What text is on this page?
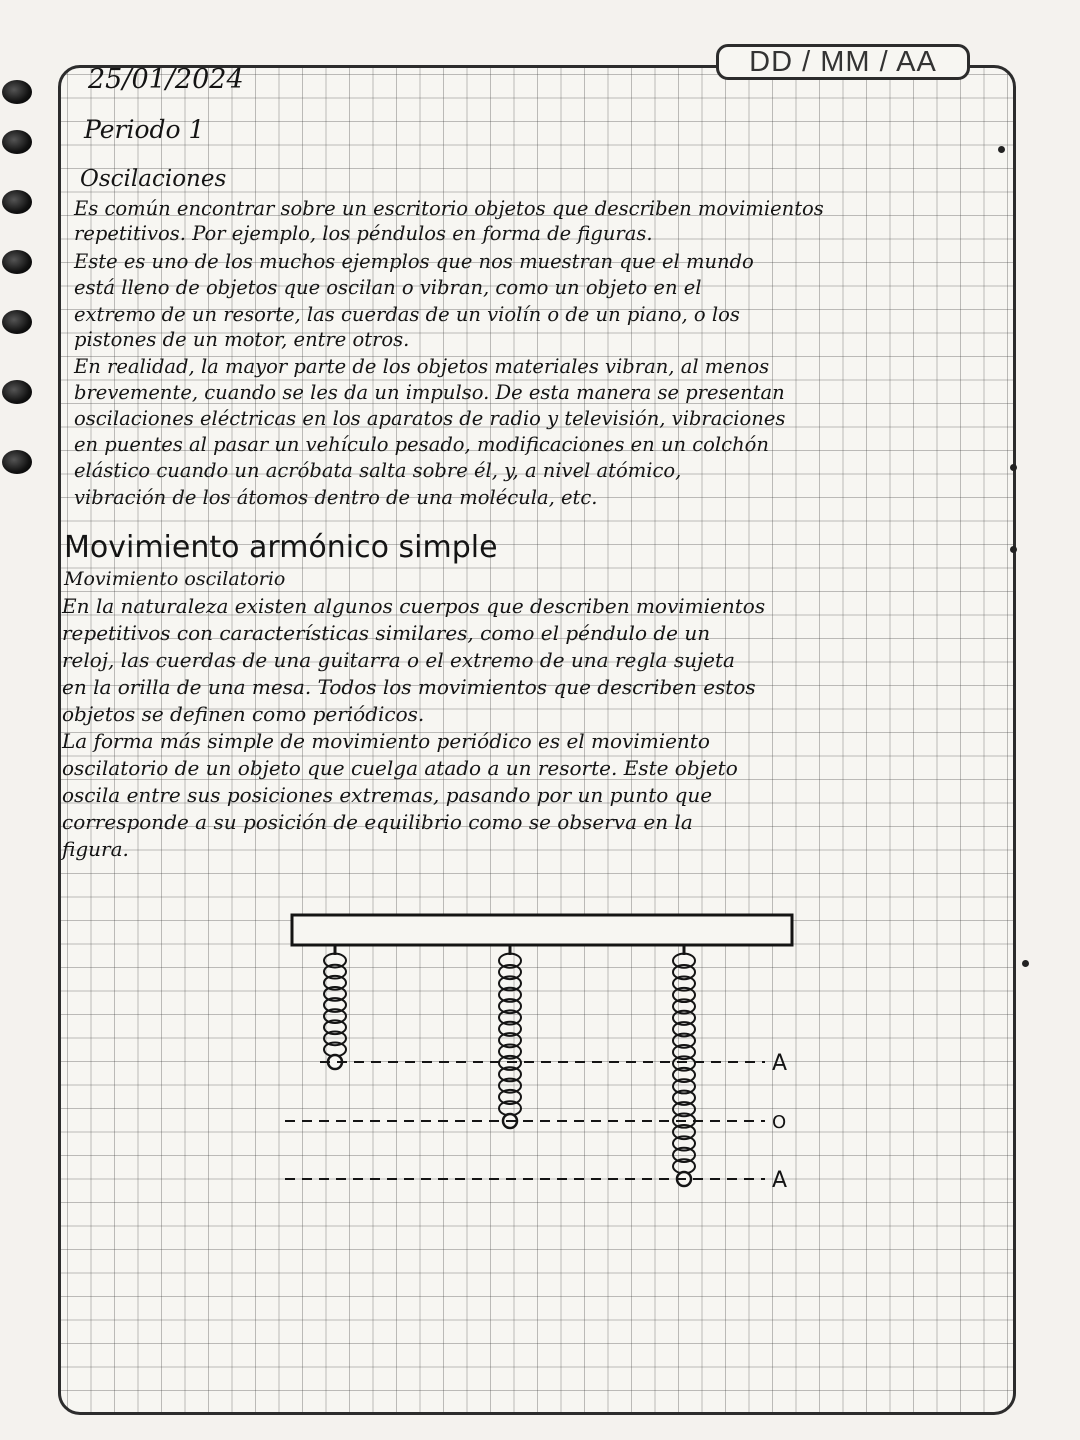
DD / MM / AA
25/01/2024
Periodo 1
Oscilaciones
Es común encontrar sobre un escritorio objetos que describen movimientos
repetitivos. Por ejemplo, los péndulos en forma de figuras.
Este es uno de los muchos ejemplos que nos muestran que el mundo
está lleno de objetos que oscilan o vibran, como un objeto en el
extremo de un resorte, las cuerdas de un violín o de un piano, o los
pistones de un motor, entre otros.
En realidad, la mayor parte de los objetos materiales vibran, al menos
brevemente, cuando se les da un impulso. De esta manera se presentan
oscilaciones eléctricas en los aparatos de radio y televisión, vibraciones
en puentes al pasar un vehículo pesado, modificaciones en un colchón
elástico cuando un acróbata salta sobre él, y, a nivel atómico,
vibración de los átomos dentro de una molécula, etc.
Movimiento armónico simple
Movimiento oscilatorio
En la naturaleza existen algunos cuerpos que describen movimientos
repetitivos con características similares, como el péndulo de un
reloj, las cuerdas de una guitarra o el extremo de una regla sujeta
en la orilla de una mesa. Todos los movimientos que describen estos
objetos se definen como periódicos.
La forma más simple de movimiento periódico es el movimiento
oscilatorio de un objeto que cuelga atado a un resorte. Este objeto
oscila entre sus posiciones extremas, pasando por un punto que
corresponde a su posición de equilibrio como se observa en la
figura.
A
O
A
